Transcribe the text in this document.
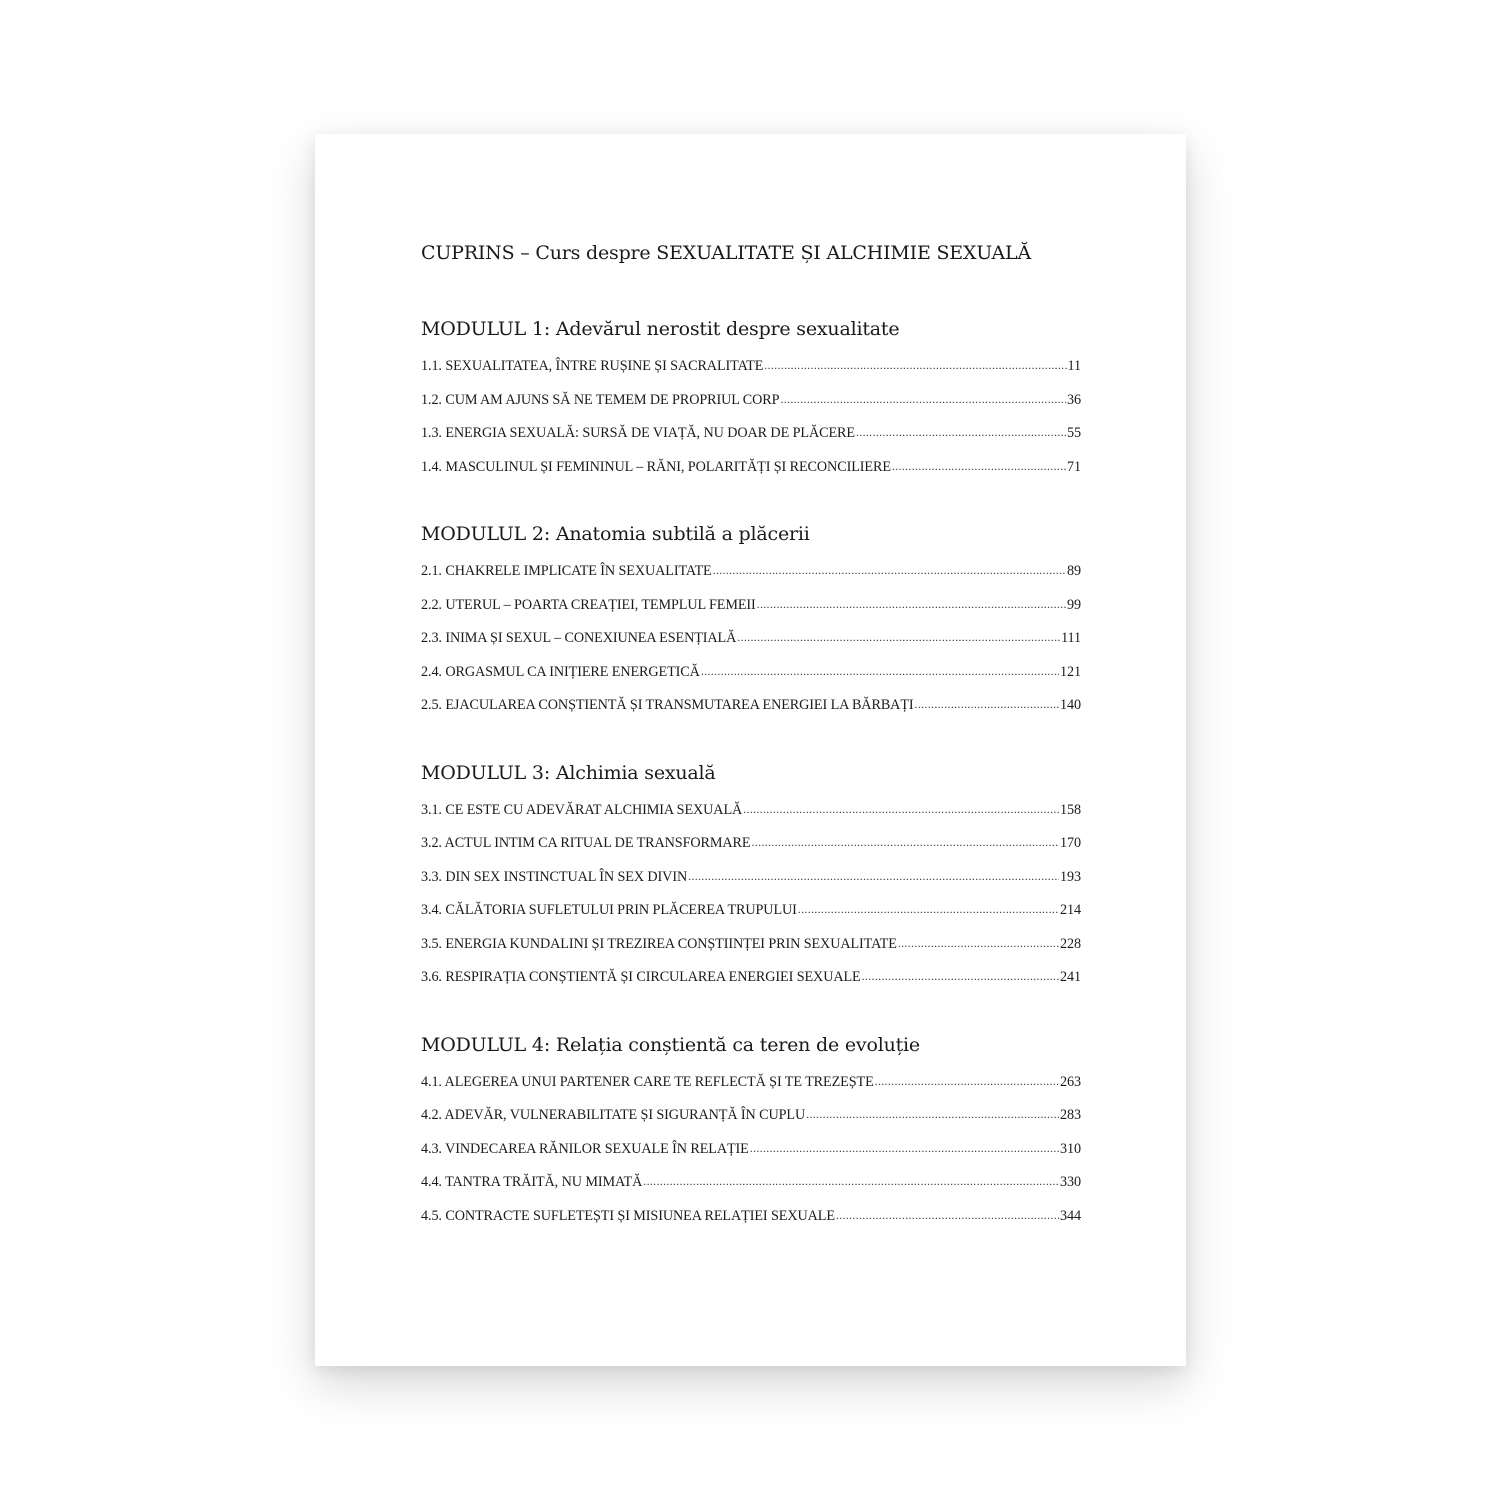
CUPRINS – Curs despre SEXUALITATE ȘI ALCHIMIE SEXUALĂ
MODULUL 1: Adevărul nerostit despre sexualitate
1.1. SEXUALITATEA, ÎNTRE RUȘINE ȘI SACRALITATE .....	11
1.2. CUM AM AJUNS SĂ NE TEMEM DE PROPRIUL CORP .....	36
1.3. ENERGIA SEXUALĂ: SURSĂ DE VIAȚĂ, NU DOAR DE PLĂCERE .....	55
1.4. MASCULINUL ȘI FEMININUL – RĂNI, POLARITĂȚI ȘI RECONCILIERE .....	71
MODULUL 2: Anatomia subtilă a plăcerii
2.1. CHAKRELE IMPLICATE ÎN SEXUALITATE .....	89
2.2. UTERUL – POARTA CREAȚIEI, TEMPLUL FEMEII .....	99
2.3. INIMA ȘI SEXUL – CONEXIUNEA ESENȚIALĂ .....	111
2.4. ORGASMUL CA INIȚIERE ENERGETICĂ .....	121
2.5. EJACULAREA CONȘTIENTĂ ȘI TRANSMUTAREA ENERGIEI LA BĂRBAȚI .....	140
MODULUL 3: Alchimia sexuală
3.1. CE ESTE CU ADEVĂRAT ALCHIMIA SEXUALĂ .....	158
3.2. ACTUL INTIM CA RITUAL DE TRANSFORMARE .....	170
3.3. DIN SEX INSTINCTUAL ÎN SEX DIVIN .....	193
3.4. CĂLĂTORIA SUFLETULUI PRIN PLĂCEREA TRUPULUI .....	214
3.5. ENERGIA KUNDALINI ȘI TREZIREA CONȘTIINȚEI PRIN SEXUALITATE .....	228
3.6. RESPIRAȚIA CONȘTIENTĂ ȘI CIRCULAREA ENERGIEI SEXUALE .....	241
MODULUL 4: Relația conștientă ca teren de evoluție
4.1. ALEGEREA UNUI PARTENER CARE TE REFLECTĂ ȘI TE TREZEȘTE .....	263
4.2. ADEVĂR, VULNERABILITATE ȘI SIGURANȚĂ ÎN CUPLU .....	283
4.3. VINDECAREA RĂNILOR SEXUALE ÎN RELAȚIE .....	310
4.4. TANTRA TRĂITĂ, NU MIMATĂ .....	330
4.5. CONTRACTE SUFLETEȘTI ȘI MISIUNEA RELAȚIEI SEXUALE .....	344
